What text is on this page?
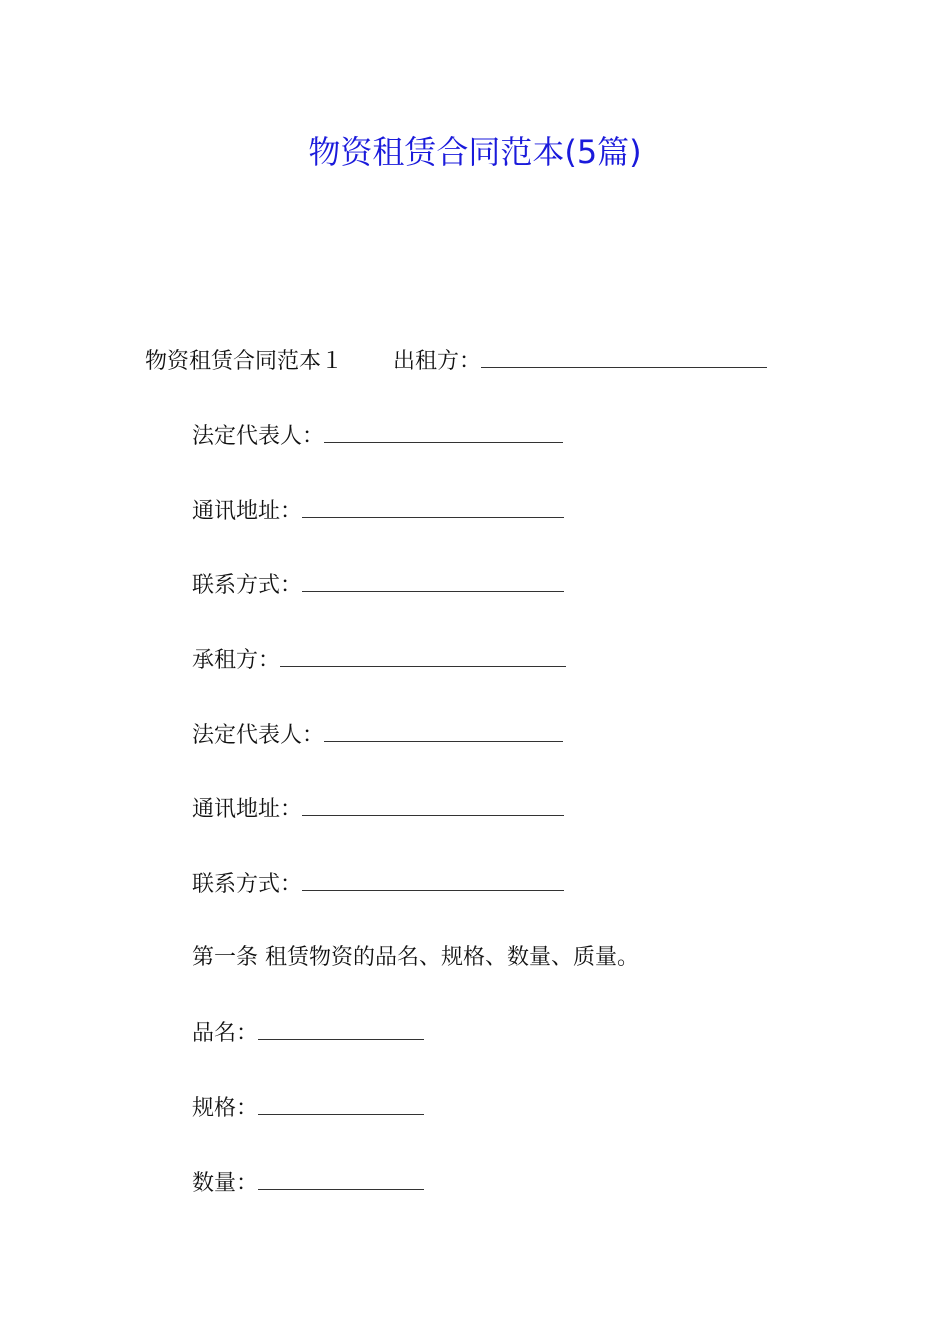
物资租赁合同范本(5篇)
物资租赁合同范本１ 出租方：
法定代表人：
通讯地址：
联系方式：
承租方：
法定代表人：
通讯地址：
联系方式：
第一条 租赁物资的品名、规格、数量、质量。
品名：
规格：
数量：
